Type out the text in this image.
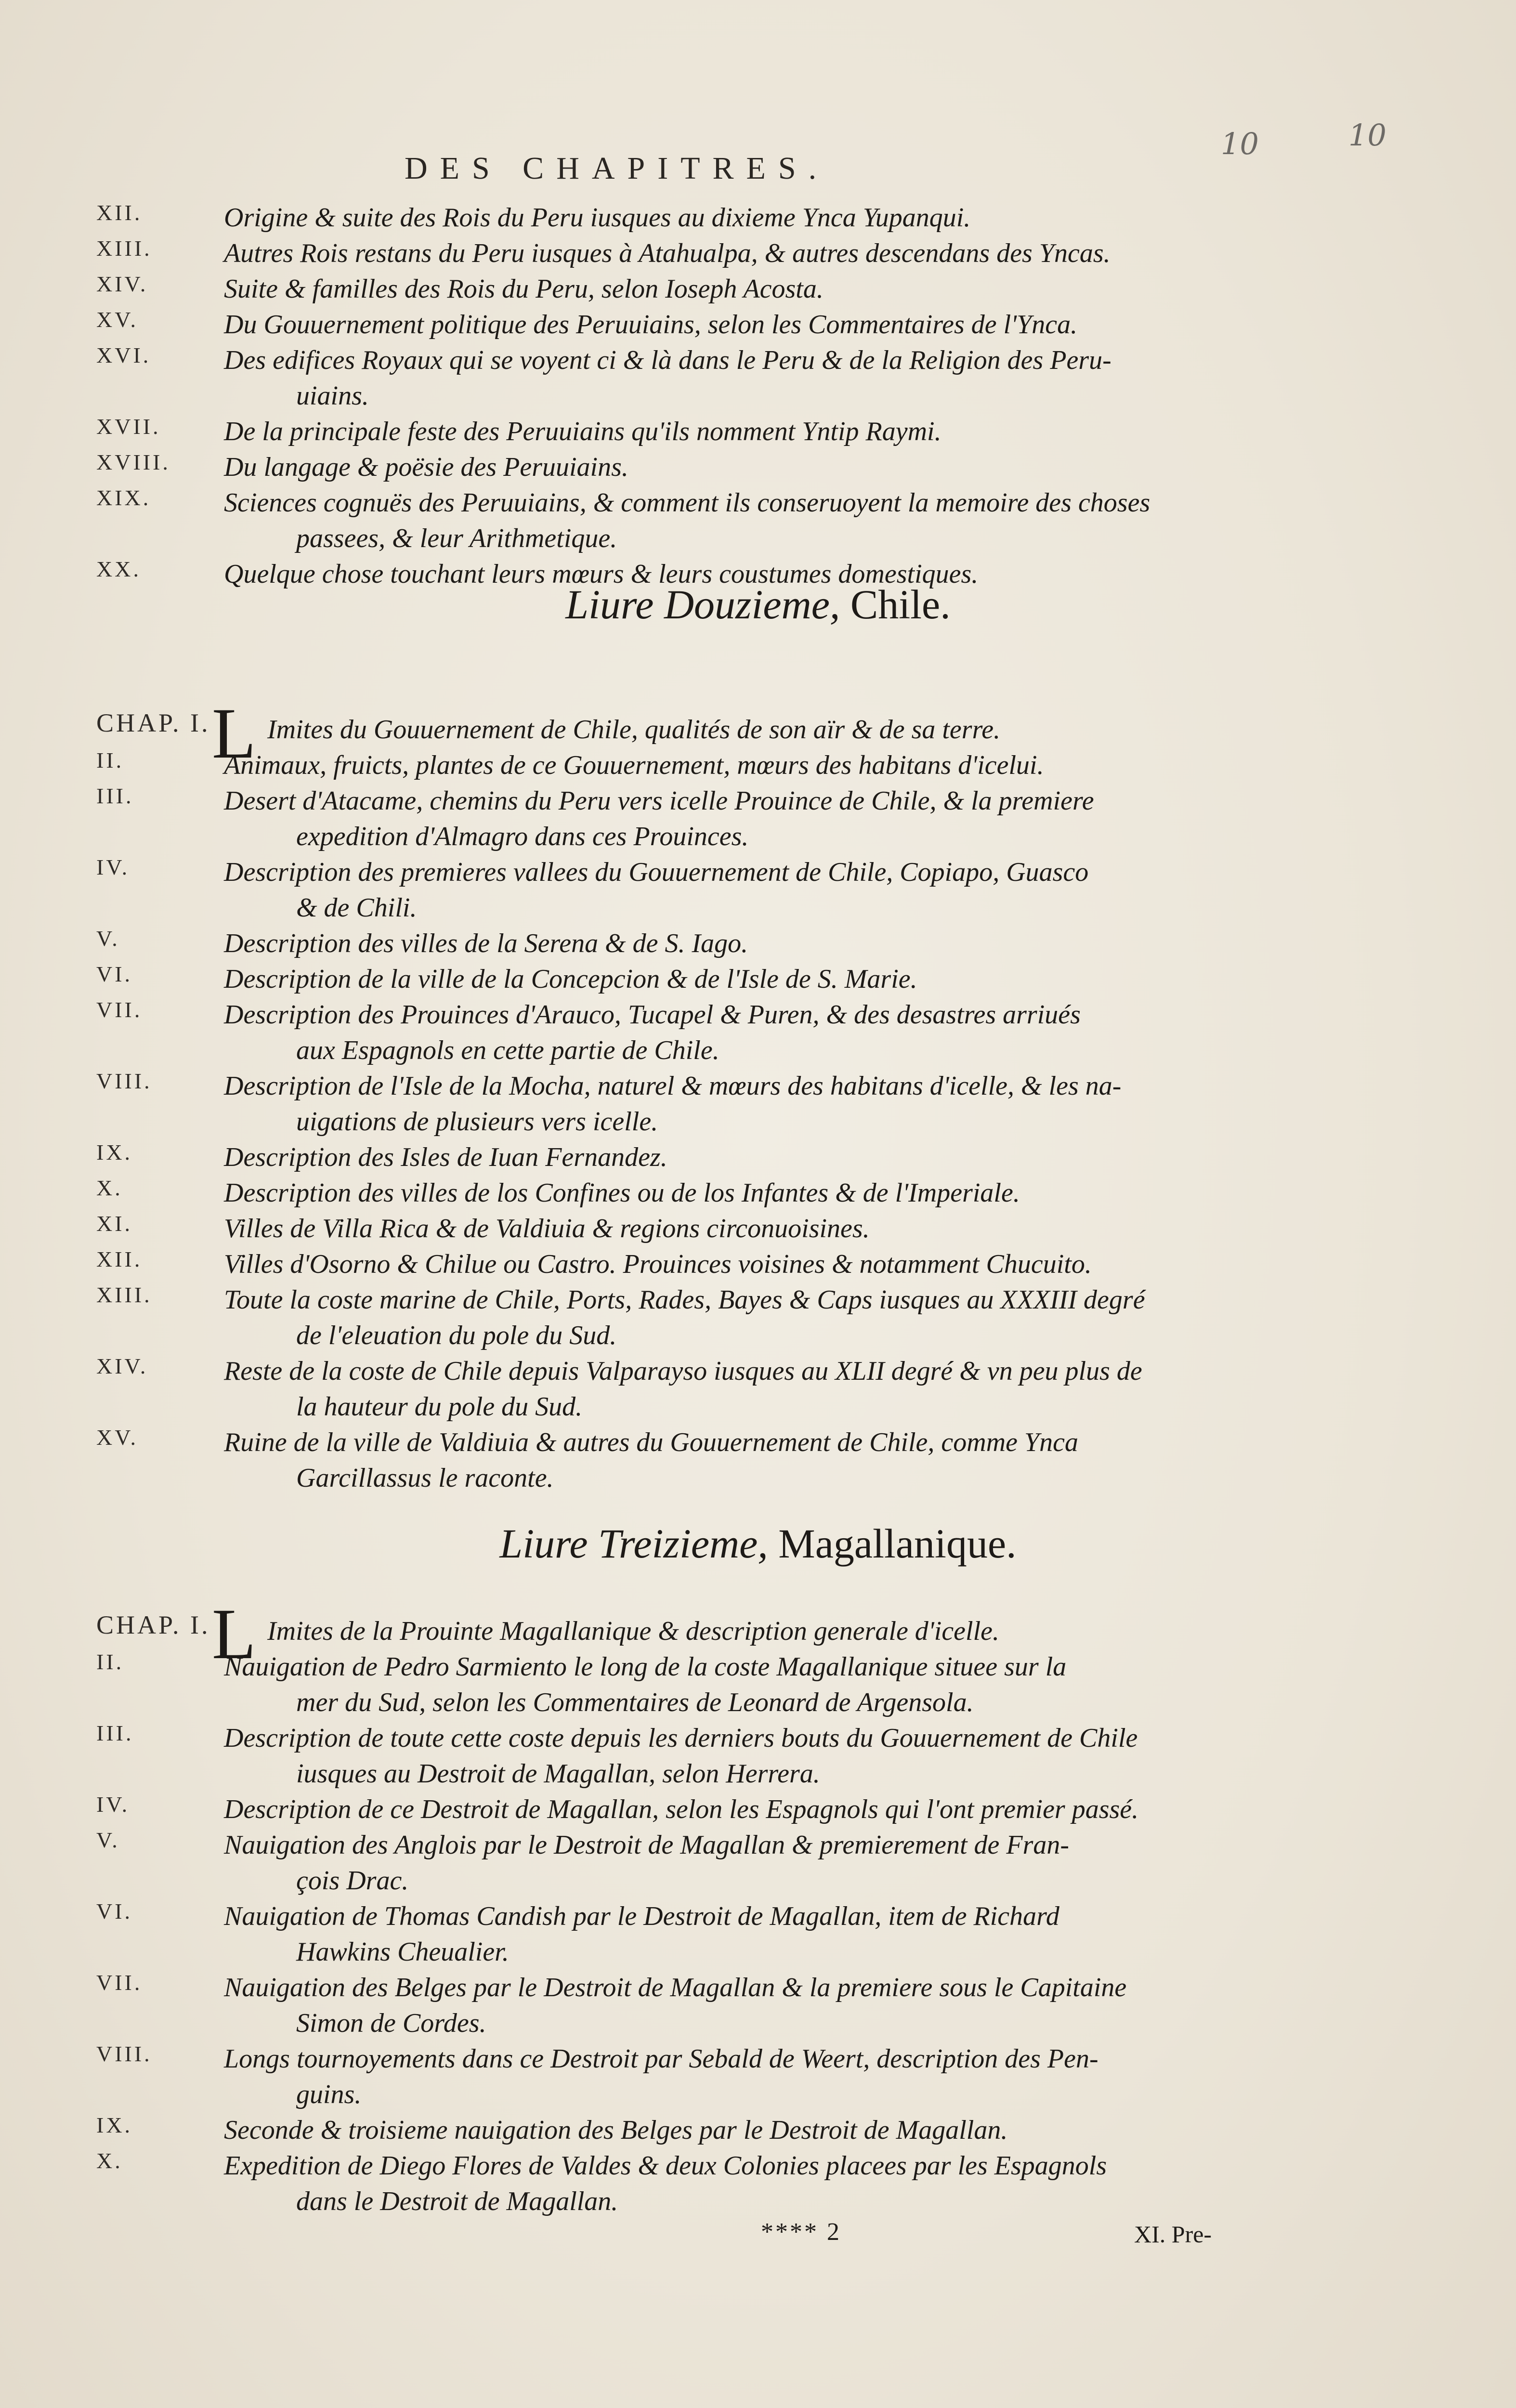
DES CHAPITRES.
10	10
XII.	Origine & suite des Rois du Peru iusques au dixieme Ynca Yupanqui.
XIII.	Autres Rois restans du Peru iusques à Atahualpa, & autres descendans des Yncas.
XIV.	Suite & familles des Rois du Peru, selon Ioseph Acosta.
XV.	Du Gouuernement politique des Peruuiains, selon les Commentaires de l'Ynca.
XVI.	Des edifices Royaux qui se voyent ci & là dans le Peru & de la Religion des Peru-
uiains.
XVII.	De la principale feste des Peruuiains qu'ils nomment Yntip Raymi.
XVIII.	Du langage & poësie des Peruuiains.
XIX.	Sciences cognuës des Peruuiains, & comment ils conseruoyent la memoire des choses
passees, & leur Arithmetique.
XX.	Quelque chose touchant leurs mœurs & leurs coustumes domestiques.
Liure Douzieme, Chile.
CHAP. I. L Imites du Gouuernement de Chile, qualités de son aïr & de sa terre.
II.	Animaux, fruicts, plantes de ce Gouuernement, mœurs des habitans d'icelui.
III.	Desert d'Atacame, chemins du Peru vers icelle Prouince de Chile, & la premiere
expedition d'Almagro dans ces Prouinces.
IV.	Description des premieres vallees du Gouuernement de Chile, Copiapo, Guasco
& de Chili.
V.	Description des villes de la Serena & de S. Iago.
VI.	Description de la ville de la Concepcion & de l'Isle de S. Marie.
VII.	Description des Prouinces d'Arauco, Tucapel & Puren, & des desastres arriués
aux Espagnols en cette partie de Chile.
VIII.	Description de l'Isle de la Mocha, naturel & mœurs des habitans d'icelle, & les na-
uigations de plusieurs vers icelle.
IX.	Description des Isles de Iuan Fernandez.
X.	Description des villes de los Confines ou de los Infantes & de l'Imperiale.
XI.	Villes de Villa Rica & de Valdiuia & regions circonuoisines.
XII.	Villes d'Osorno & Chilue ou Castro. Prouinces voisines & notamment Chucuito.
XIII.	Toute la coste marine de Chile, Ports, Rades, Bayes & Caps iusques au XXXIII degré
de l'eleuation du pole du Sud.
XIV.	Reste de la coste de Chile depuis Valparayso iusques au XLII degré & vn peu plus de
la hauteur du pole du Sud.
XV.	Ruine de la ville de Valdiuia & autres du Gouuernement de Chile, comme Ynca
Garcillassus le raconte.
Liure Treizieme, Magallanique.
CHAP. I. L Imites de la Prouinte Magallanique & description generale d'icelle.
II.	Nauigation de Pedro Sarmiento le long de la coste Magallanique situee sur la
mer du Sud, selon les Commentaires de Leonard de Argensola.
III.	Description de toute cette coste depuis les derniers bouts du Gouuernement de Chile
iusques au Destroit de Magallan, selon Herrera.
IV.	Description de ce Destroit de Magallan, selon les Espagnols qui l'ont premier passé.
V.	Nauigation des Anglois par le Destroit de Magallan & premierement de Fran-
çois Drac.
VI.	Nauigation de Thomas Candish par le Destroit de Magallan, item de Richard
Hawkins Cheualier.
VII.	Nauigation des Belges par le Destroit de Magallan & la premiere sous le Capitaine
Simon de Cordes.
VIII.	Longs tournoyements dans ce Destroit par Sebald de Weert, description des Pen-
guins.
IX.	Seconde & troisieme nauigation des Belges par le Destroit de Magallan.
X.	Expedition de Diego Flores de Valdes & deux Colonies placees par les Espagnols
dans le Destroit de Magallan.
**** 2	XI. Pre-
